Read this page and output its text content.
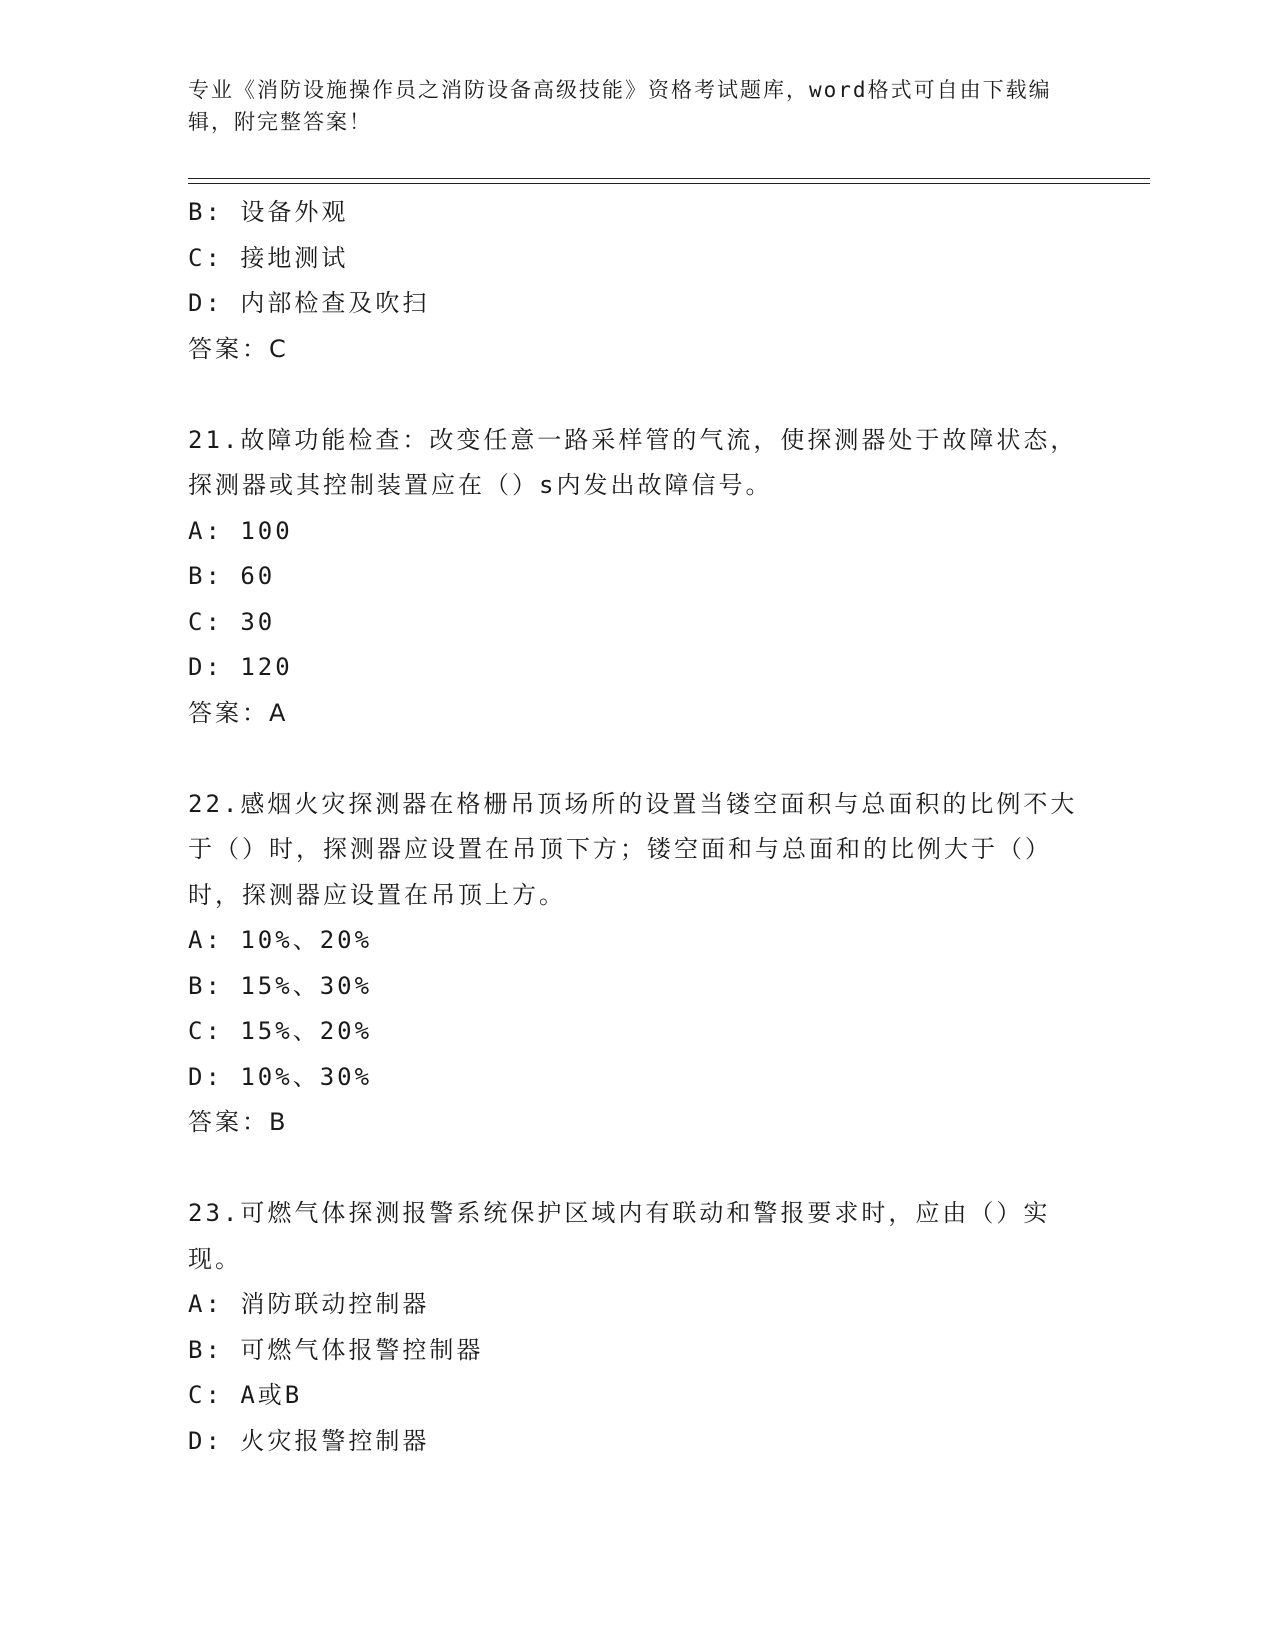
专业《消防设施操作员之消防设备高级技能》资格考试题库，word格式可自由下载编辑，附完整答案！
B: 设备外观
C: 接地测试
D: 内部检查及吹扫
答案：C
21.故障功能检查：改变任意一路采样管的气流，使探测器处于故障状态，探测器或其控制装置应在（）s内发出故障信号。
A: 100
B: 60
C: 30
D: 120
答案：A
22.感烟火灾探测器在格栅吊顶场所的设置当镂空面积与总面积的比例不大于（）时，探测器应设置在吊顶下方；镂空面和与总面和的比例大于（）时，探测器应设置在吊顶上方。
A: 10%、20%
B: 15%、30%
C: 15%、20%
D: 10%、30%
答案：B
23.可燃气体探测报警系统保护区域内有联动和警报要求时，应由（）实现。
A: 消防联动控制器
B: 可燃气体报警控制器
C: A或B
D: 火灾报警控制器
